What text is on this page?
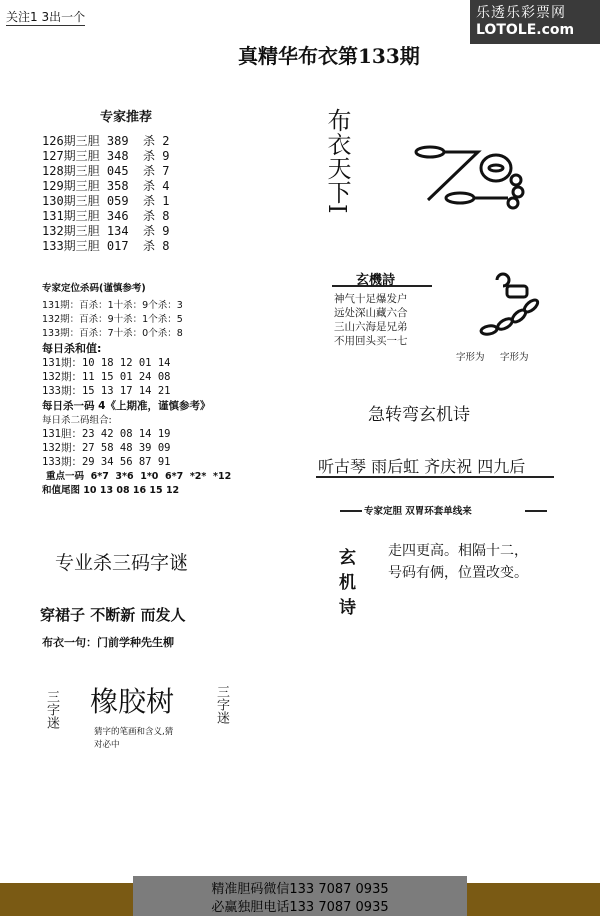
关注1 3出一个	乐透乐彩票网
LOTOLE.com
真精华布衣第133期
专家推荐
126期三胆 389  杀 2
127期三胆 348  杀 9
128期三胆 045  杀 7
129期三胆 358  杀 4
130期三胆 059  杀 1
131期三胆 346  杀 8
132期三胆 134  杀 9
133期三胆 017  杀 8
专家定位杀码(谨慎参考)
131期：百杀：1十杀：9个杀：3
132期：百杀：9十杀：1个杀：5
133期：百杀：7十杀：0个杀：8
每日杀和值:
131期：10 18 12 01 14
132期：11 15 01 24 08
133期：15 13 17 14 21
每日杀一码 4《上期准，谨慎参考》
每日杀二码组合:
131胆：23 42 08 14 19
132期：27 58 48 39 09
133期：29 34 56 87 91
重点一码  6*7  3*6  1*0  6*7  *2*  *12
和值尾图 10 13 08 16 15 12
专业杀三码字谜
穿裙子 不断新 而发人
布衣一句：门前学种先生柳
三字迷 橡胶树	三字迷
猜字的笔画和含义,猜
对必中
布衣天下I
玄機詩
神气十足爆发户
远处深山藏六合
三山六海是兄弟
不用回头买一七
字形为 字形为
急转弯玄机诗
听古琴 雨后虹 齐庆祝 四九后
专家定胆 双胃环套单线来
玄机诗 走四更高。相隔十二，
号码有俩，位置改变。
精准胆码微信133 7087 0935
必赢独胆电话133 7087 0935
